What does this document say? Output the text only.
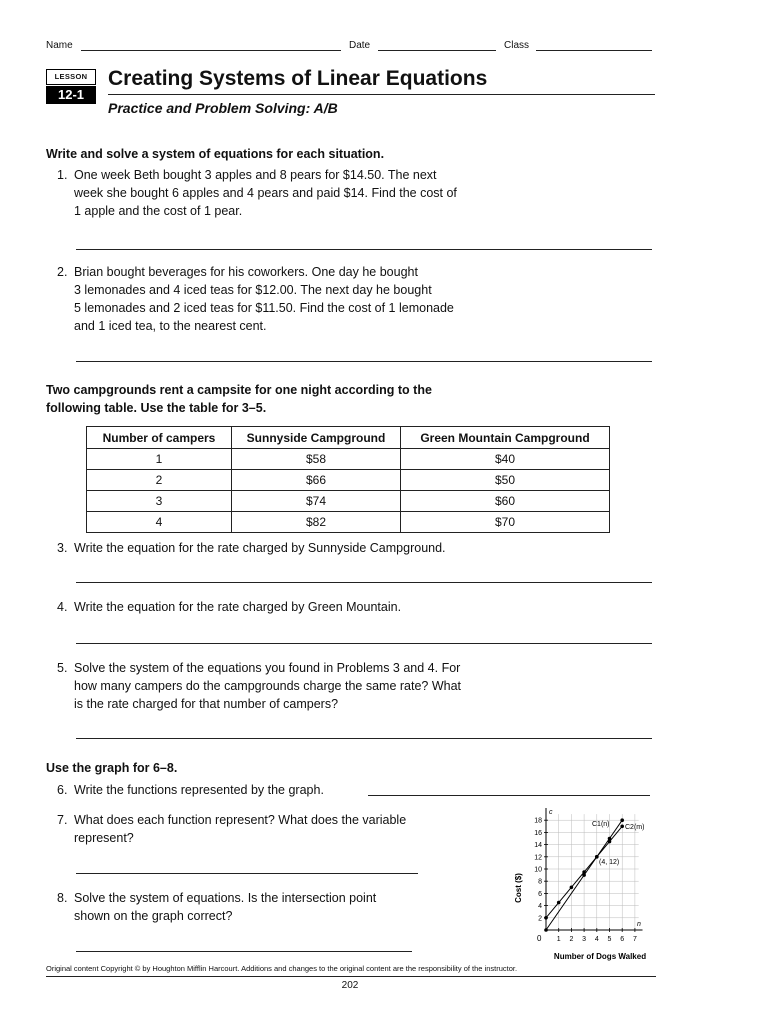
Name	Date	Class
LESSON
12-1
Creating Systems of Linear Equations
Practice and Problem Solving: A/B
Write and solve a system of equations for each situation.
1. One week Beth bought 3 apples and 8 pears for $14.50. The next
week she bought 6 apples and 4 pears and paid $14. Find the cost of
1 apple and the cost of 1 pear.
2. Brian bought beverages for his coworkers. One day he bought
3 lemonades and 4 iced teas for $12.00. The next day he bought
5 lemonades and 2 iced teas for $11.50. Find the cost of 1 lemonade
and 1 iced tea, to the nearest cent.
Two campgrounds rent a campsite for one night according to the
following table. Use the table for 3–5.
Number of campers	Sunnyside Campground	Green Mountain Campground
1	$58	$40
2	$66	$50
3	$74	$60
4	$82	$70
3. Write the equation for the rate charged by Sunnyside Campground.
4. Write the equation for the rate charged by Green Mountain.
5. Solve the system of the equations you found in Problems 3 and 4. For
how many campers do the campgrounds charge the same rate? What
is the rate charged for that number of campers?
Use the graph for 6–8.
6. Write the functions represented by the graph.
7. What does each function represent? What does the variable
represent?
8. Solve the system of equations. Is the intersection point
shown on the graph correct?	2
4
6
8
10
12
14
16
18
1 2 3 4 5 6 7
Cost ($)
Number of Dogs Walked
c
n
0
(4, 12)
C1(n) C2(m)
Original content Copyright © by Houghton Mifflin Harcourt. Additions and changes to the original content are the responsibility of the instructor.
202
